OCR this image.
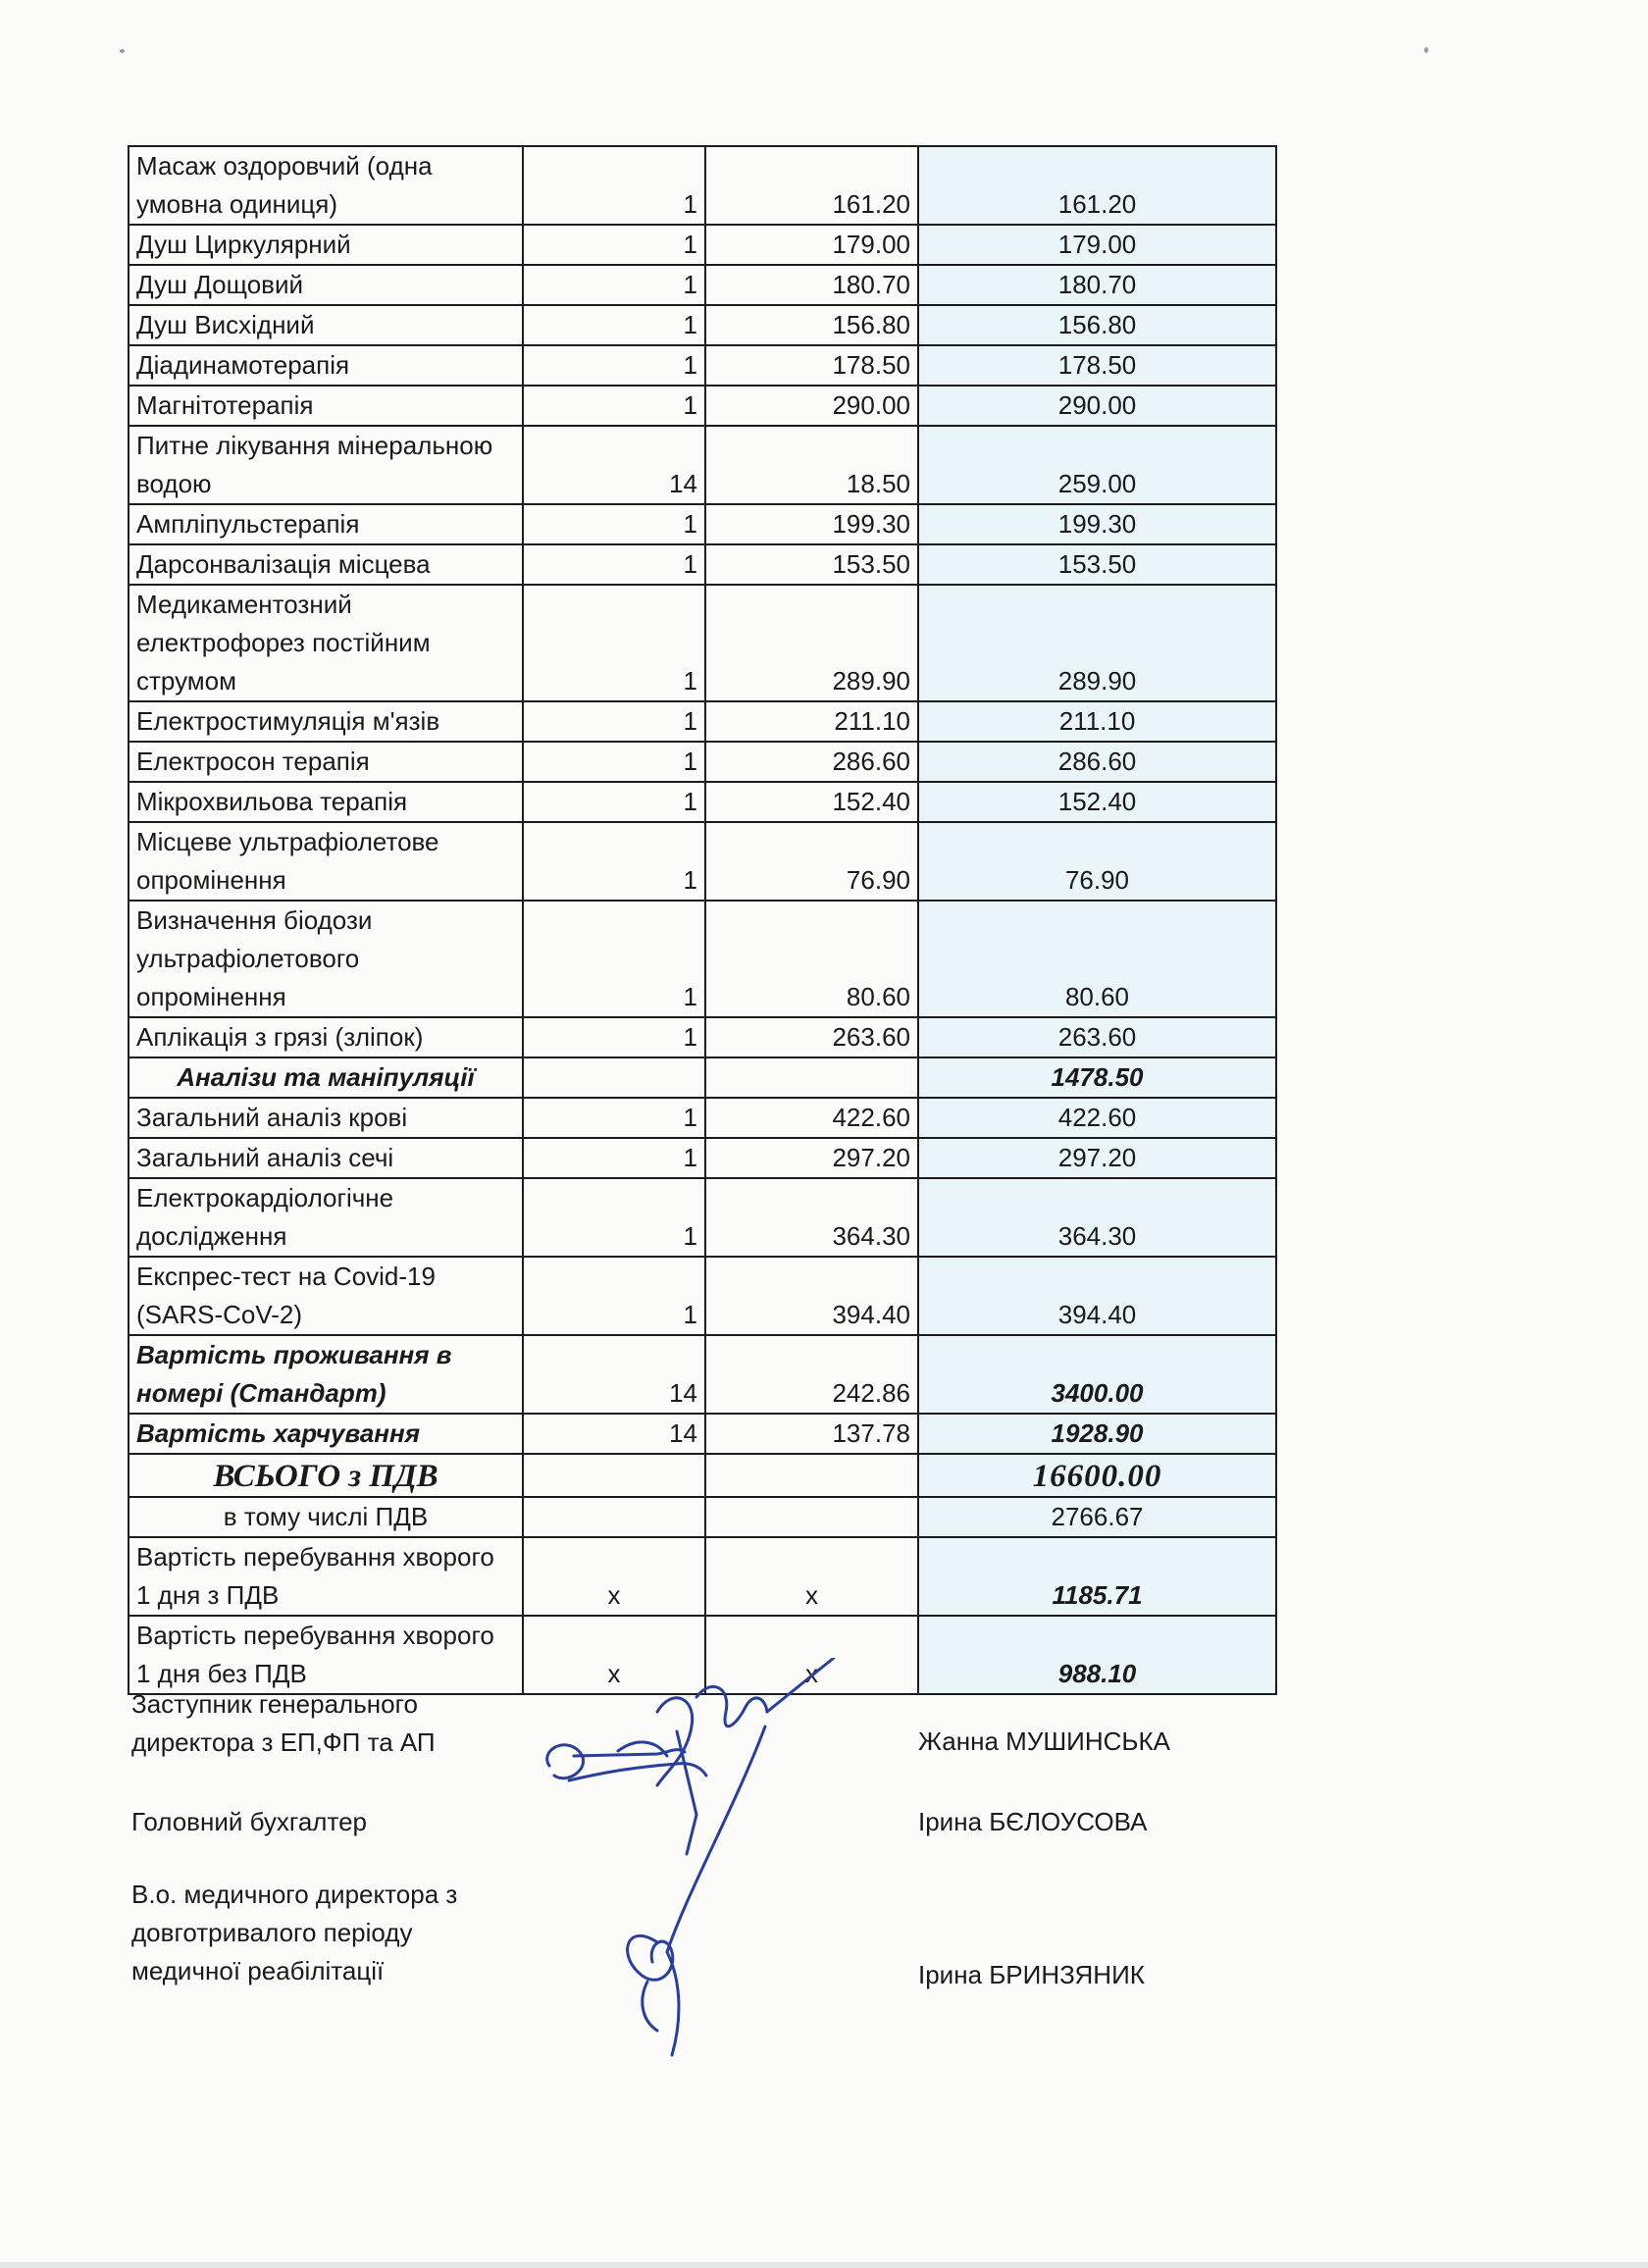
Масаж оздоровчий (одна умовна одиниця)	1	161.20	161.20
Душ Циркулярний	1	179.00	179.00
Душ Дощовий	1	180.70	180.70
Душ Висхідний	1	156.80	156.80
Діадинамотерапія	1	178.50	178.50
Магнітотерапія	1	290.00	290.00
Питне лікування мінеральною водою	14	18.50	259.00
Ампліпульстерапія	1	199.30	199.30
Дарсонвалізація місцева	1	153.50	153.50
Медикаментозний електрофорез постійним струмом	1	289.90	289.90
Електростимуляція м'язів	1	211.10	211.10
Електросон терапія	1	286.60	286.60
Мікрохвильова терапія	1	152.40	152.40
Місцеве ультрафіолетове опромінення	1	76.90	76.90
Визначення біодози ультрафіолетового опромінення	1	80.60	80.60
Аплікація з грязі (зліпок)	1	263.60	263.60
Аналізи та маніпуляції			1478.50
Загальний аналіз крові	1	422.60	422.60
Загальний аналіз сечі	1	297.20	297.20
Електрокардіологічне дослідження	1	364.30	364.30
Експрес-тест на Covid-19 (SARS-CoV-2)	1	394.40	394.40
Вартість проживання в номері (Стандарт)	14	242.86	3400.00
Вартість харчування	14	137.78	1928.90
ВСЬОГО з ПДВ			16600.00
в тому числі ПДВ			2766.67
Вартість перебування хворого 1 дня з ПДВ	х	х	1185.71
Вартість перебування хворого 1 дня без ПДВ	х	х	988.10
Заступник генерального директора з ЕП,ФП та АП	Жанна МУШИНСЬКА
Головний бухгалтер	Ірина БЄЛОУСОВА
В.о. медичного директора з довготривалого періоду медичної реабілітації	Ірина БРИНЗЯНИК
